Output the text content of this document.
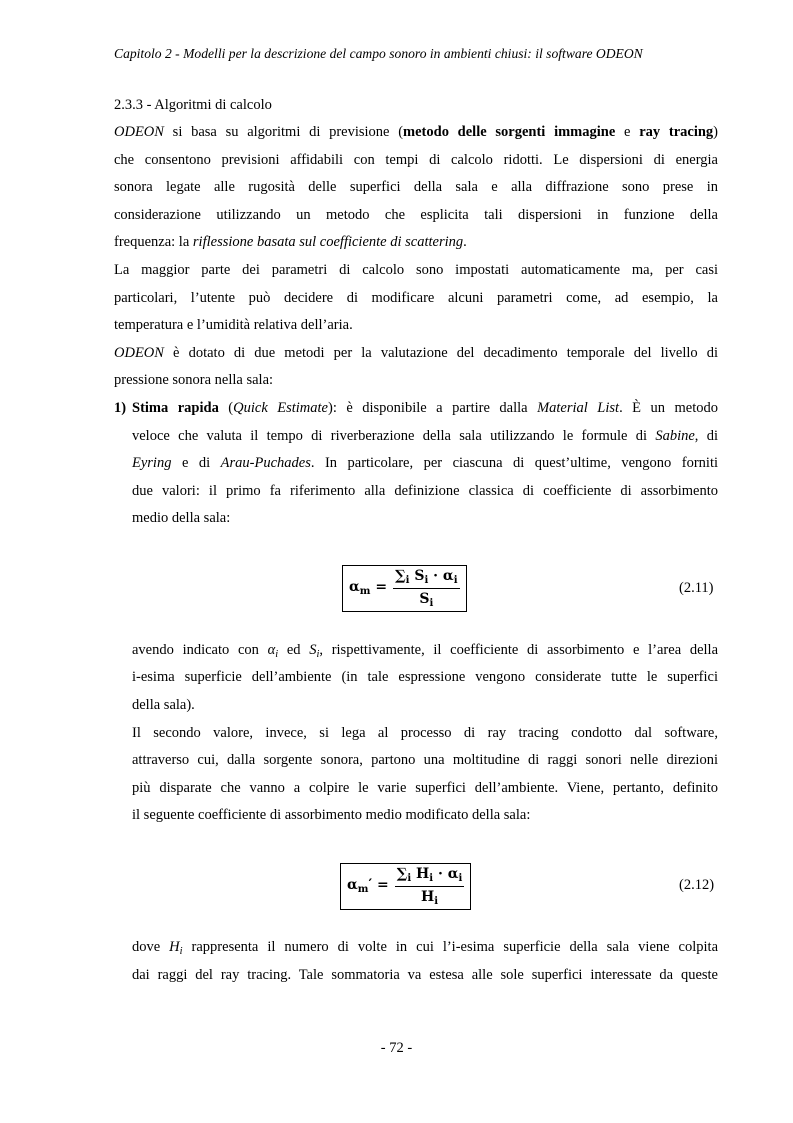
Capitolo 2 - Modelli per la descrizione del campo sonoro in ambienti chiusi: il software ODEON
2.3.3 - Algoritmi di calcolo
ODEON si basa su algoritmi di previsione (metodo delle sorgenti immagine e ray tracing)
che consentono previsioni affidabili con tempi di calcolo ridotti. Le dispersioni di energia
sonora legate alle rugosità delle superfici della sala e alla diffrazione sono prese in
considerazione utilizzando un metodo che esplicita tali dispersioni in funzione della
frequenza: la riflessione basata sul coefficiente di scattering.
La maggior parte dei parametri di calcolo sono impostati automaticamente ma, per casi
particolari, l’utente può decidere di modificare alcuni parametri come, ad esempio, la
temperatura e l’umidità relativa dell’aria.
ODEON è dotato di due metodi per la valutazione del decadimento temporale del livello di
pressione sonora nella sala:
1) Stima rapida (Quick Estimate): è disponibile a partire dalla Material List. È un metodo
veloce che valuta il tempo di riverberazione della sala utilizzando le formule di Sabine, di
Eyring e di Arau-Puchades. In particolare, per ciascuna di quest’ultime, vengono forniti
due valori: il primo fa riferimento alla definizione classica di coefficiente di assorbimento
medio della sala:
$\alpha_m = \frac{\sum_i S_i \cdot \alpha_i}{S_i}$	(2.11)
avendo indicato con $\alpha_i$ ed $S_i$, rispettivamente, il coefficiente di assorbimento e l’area della
i-esima superficie dell’ambiente (in tale espressione vengono considerate tutte le superfici
della sala).
Il secondo valore, invece, si lega al processo di ray tracing condotto dal software,
attraverso cui, dalla sorgente sonora, partono una moltitudine di raggi sonori nelle direzioni
più disparate che vanno a colpire le varie superfici dell’ambiente. Viene, pertanto, definito
il seguente coefficiente di assorbimento medio modificato della sala:
$\alpha_m' = \frac{\sum_i H_i \cdot \alpha_i}{H_i}$	(2.12)
dove $H_i$ rappresenta il numero di volte in cui l’i-esima superficie della sala viene colpita
dai raggi del ray tracing. Tale sommatoria va estesa alle sole superfici interessate da queste
- 72 -
